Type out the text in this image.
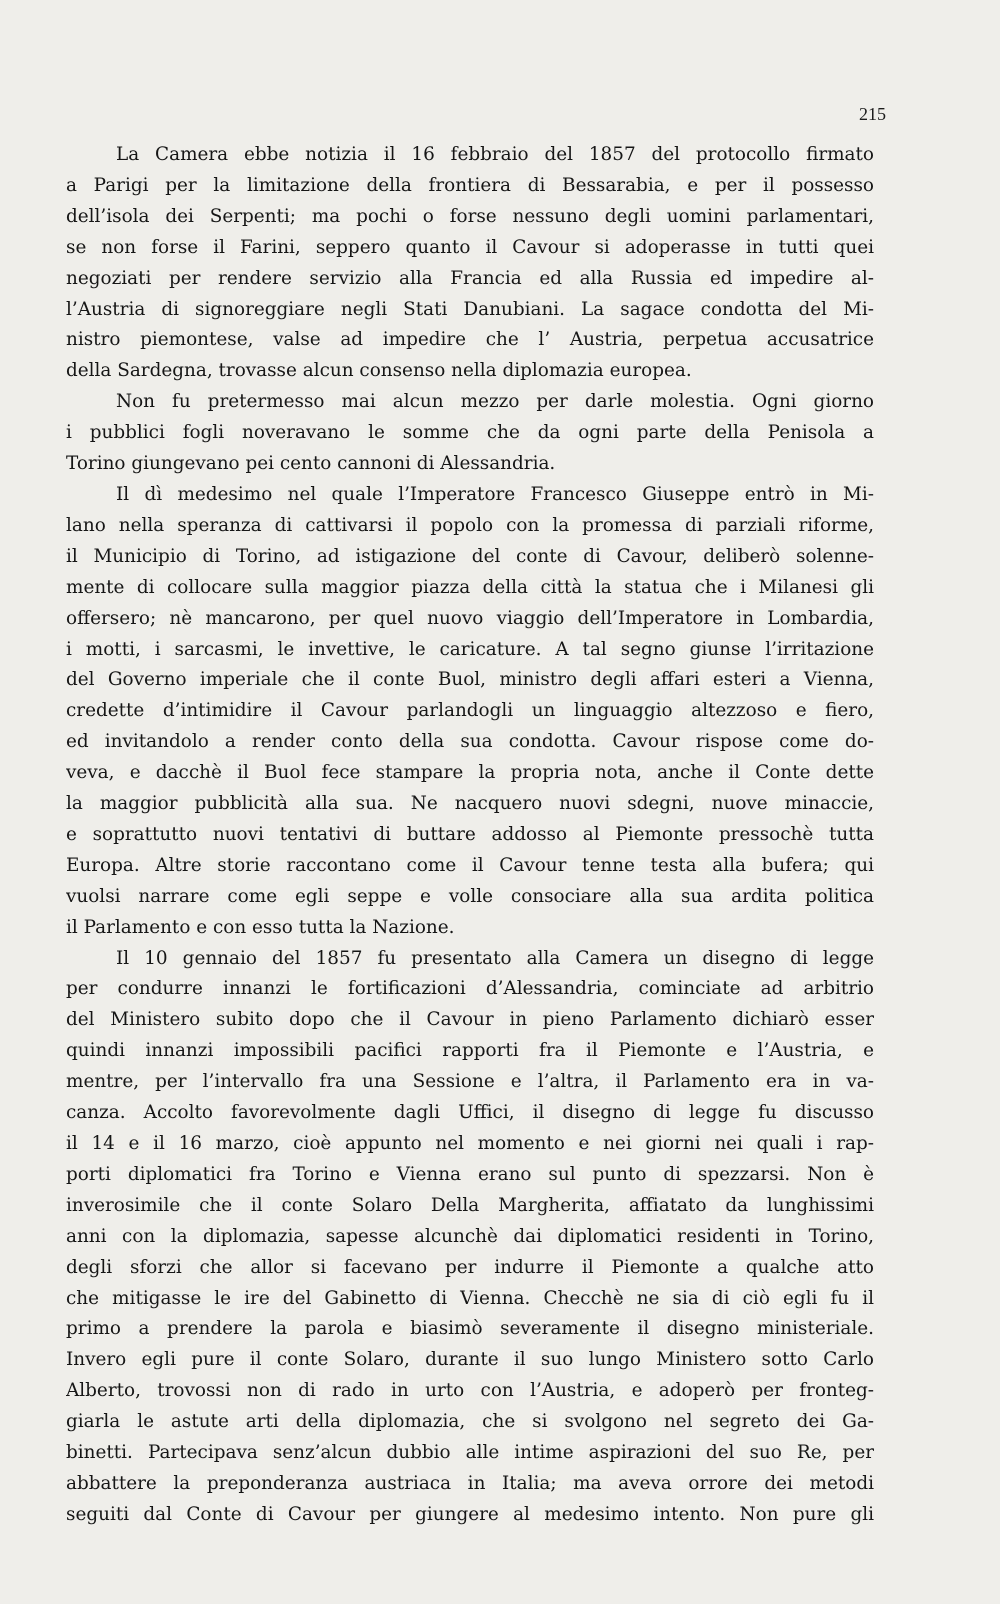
215
La Camera ebbe notizia il 16 febbraio del 1857 del protocollo firmato
a Parigi per la limitazione della frontiera di Bessarabia, e per il possesso
dell’isola dei Serpenti; ma pochi o forse nessuno degli uomini parlamentari,
se non forse il Farini, seppero quanto il Cavour si adoperasse in tutti quei
negoziati per rendere servizio alla Francia ed alla Russia ed impedire al-
l’Austria di signoreggiare negli Stati Danubiani. La sagace condotta del Mi-
nistro piemontese, valse ad impedire che l’ Austria, perpetua accusatrice
della Sardegna, trovasse alcun consenso nella diplomazia europea.
Non fu pretermesso mai alcun mezzo per darle molestia. Ogni giorno
i pubblici fogli noveravano le somme che da ogni parte della Penisola a
Torino giungevano pei cento cannoni di Alessandria.
Il dì medesimo nel quale l’Imperatore Francesco Giuseppe entrò in Mi-
lano nella speranza di cattivarsi il popolo con la promessa di parziali riforme,
il Municipio di Torino, ad istigazione del conte di Cavour, deliberò solenne-
mente di collocare sulla maggior piazza della città la statua che i Milanesi gli
offersero; nè mancarono, per quel nuovo viaggio dell’Imperatore in Lombardia,
i motti, i sarcasmi, le invettive, le caricature. A tal segno giunse l’irritazione
del Governo imperiale che il conte Buol, ministro degli affari esteri a Vienna,
credette d’intimidire il Cavour parlandogli un linguaggio altezzoso e fiero,
ed invitandolo a render conto della sua condotta. Cavour rispose come do-
veva, e dacchè il Buol fece stampare la propria nota, anche il Conte dette
la maggior pubblicità alla sua. Ne nacquero nuovi sdegni, nuove minaccie,
e soprattutto nuovi tentativi di buttare addosso al Piemonte pressochè tutta
Europa. Altre storie raccontano come il Cavour tenne testa alla bufera; qui
vuolsi narrare come egli seppe e volle consociare alla sua ardita politica
il Parlamento e con esso tutta la Nazione.
Il 10 gennaio del 1857 fu presentato alla Camera un disegno di legge
per condurre innanzi le fortificazioni d’Alessandria, cominciate ad arbitrio
del Ministero subito dopo che il Cavour in pieno Parlamento dichiarò esser
quindi innanzi impossibili pacifici rapporti fra il Piemonte e l’Austria, e
mentre, per l’intervallo fra una Sessione e l’altra, il Parlamento era in va-
canza. Accolto favorevolmente dagli Uffici, il disegno di legge fu discusso
il 14 e il 16 marzo, cioè appunto nel momento e nei giorni nei quali i rap-
porti diplomatici fra Torino e Vienna erano sul punto di spezzarsi. Non è
inverosimile che il conte Solaro Della Margherita, affiatato da lunghissimi
anni con la diplomazia, sapesse alcunchè dai diplomatici residenti in Torino,
degli sforzi che allor si facevano per indurre il Piemonte a qualche atto
che mitigasse le ire del Gabinetto di Vienna. Checchè ne sia di ciò egli fu il
primo a prendere la parola e biasimò severamente il disegno ministeriale.
Invero egli pure il conte Solaro, durante il suo lungo Ministero sotto Carlo
Alberto, trovossi non di rado in urto con l’Austria, e adoperò per fronteg-
giarla le astute arti della diplomazia, che si svolgono nel segreto dei Ga-
binetti. Partecipava senz’alcun dubbio alle intime aspirazioni del suo Re, per
abbattere la preponderanza austriaca in Italia; ma aveva orrore dei metodi
seguiti dal Conte di Cavour per giungere al medesimo intento. Non pure gli
